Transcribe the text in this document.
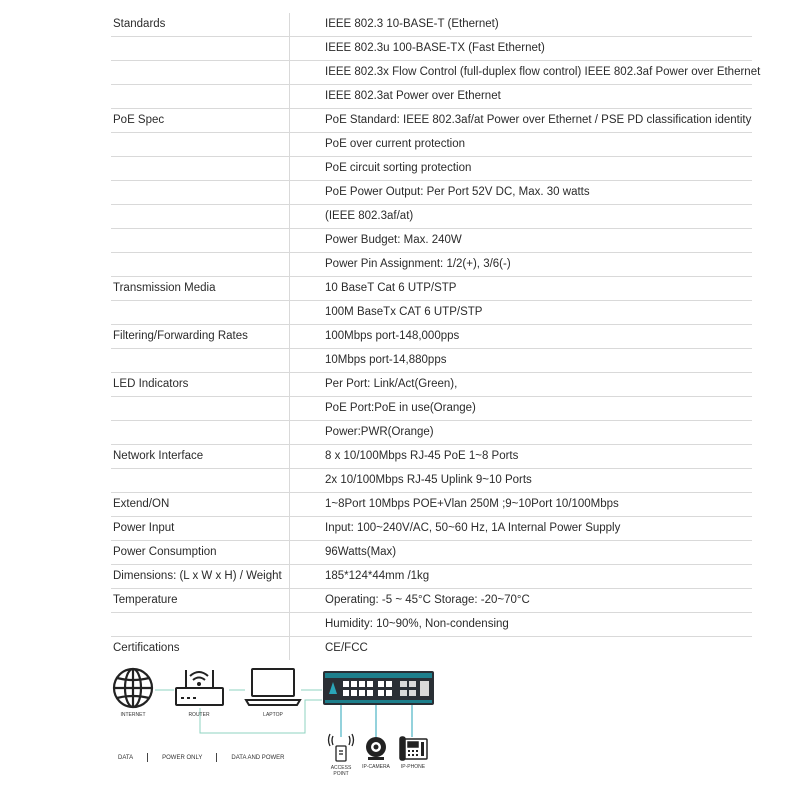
Standards	IEEE 802.3 10-BASE-T (Ethernet)
IEEE 802.3u 100-BASE-TX (Fast Ethernet)
IEEE 802.3x Flow Control (full-duplex flow control) IEEE 802.3af Power over Ethernet
IEEE 802.3at Power over Ethernet
PoE Spec	PoE Standard: IEEE 802.3af/at Power over Ethernet / PSE PD classification identity
PoE over current protection
PoE circuit sorting protection
PoE Power Output: Per Port 52V DC, Max. 30 watts
(IEEE 802.3af/at)
Power Budget: Max. 240W
Power Pin Assignment: 1/2(+), 3/6(-)
Transmission Media	10 BaseT Cat 6 UTP/STP
100M BaseTx CAT 6 UTP/STP
Filtering/Forwarding Rates	100Mbps port-148,000pps
10Mbps port-14,880pps
LED Indicators	Per Port: Link/Act(Green),
PoE Port:PoE in use(Orange)
Power:PWR(Orange)
Network Interface	8 x 10/100Mbps RJ-45 PoE 1~8 Ports
2x 10/100Mbps RJ-45 Uplink 9~10 Ports
Extend/ON	1~8Port 10Mbps POE+Vlan 250M ;9~10Port 10/100Mbps
Power Input	Input: 100~240V/AC, 50~60 Hz, 1A Internal Power Supply
Power Consumption	96Watts(Max)
Dimensions: (L x W x H) / Weight	185*124*44mm /1kg
Temperature	Operating: -5 ~ 45°C Storage: -20~70°C
Humidity: 10~90%, Non-condensing
Certifications	CE/FCC
INTERNET	ROUTER	LAPTOP
ACCESS
POINT
IP-CAMERA IP-PHONE
DATA	POWER ONLY	DATA AND POWER
